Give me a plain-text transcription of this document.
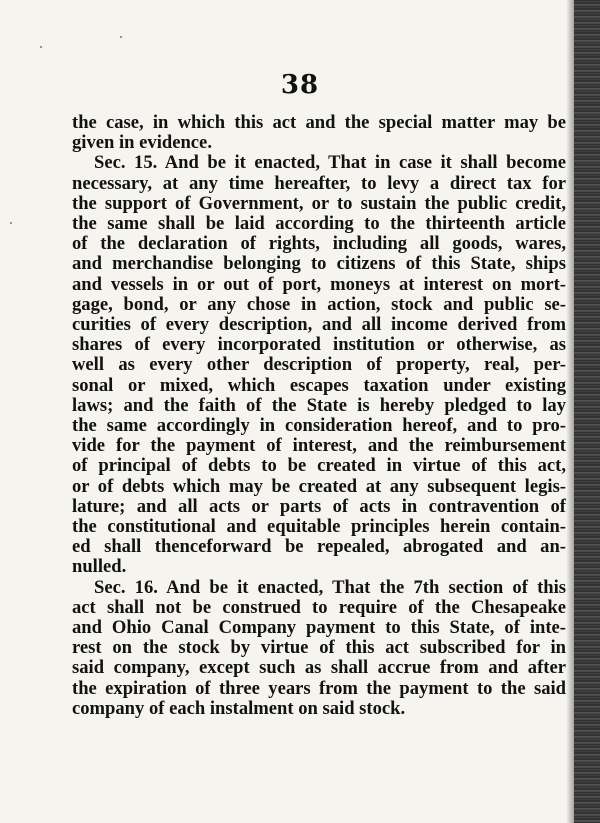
38
the case, in which this act and the special matter may be
given in evidence.
Sec. 15. And be it enacted, That in case it shall become
necessary, at any time hereafter, to levy a direct tax for
the support of Government, or to sustain the public credit,
the same shall be laid according to the thirteenth article
of the declaration of rights, including all goods, wares,
and merchandise belonging to citizens of this State, ships
and vessels in or out of port, moneys at interest on mort-
gage, bond, or any chose in action, stock and public se-
curities of every description, and all income derived from
shares of every incorporated institution or otherwise, as
well as every other description of property, real, per-
sonal or mixed, which escapes taxation under existing
laws; and the faith of the State is hereby pledged to lay
the same accordingly in consideration hereof, and to pro-
vide for the payment of interest, and the reimbursement
of principal of debts to be created in virtue of this act,
or of debts which may be created at any subsequent legis-
lature; and all acts or parts of acts in contravention of
the constitutional and equitable principles herein contain-
ed shall thenceforward be repealed, abrogated and an-
nulled.
Sec. 16. And be it enacted, That the 7th section of this
act shall not be construed to require of the Chesapeake
and Ohio Canal Company payment to this State, of inte-
rest on the stock by virtue of this act subscribed for in
said company, except such as shall accrue from and after
the expiration of three years from the payment to the said
company of each instalment on said stock.
